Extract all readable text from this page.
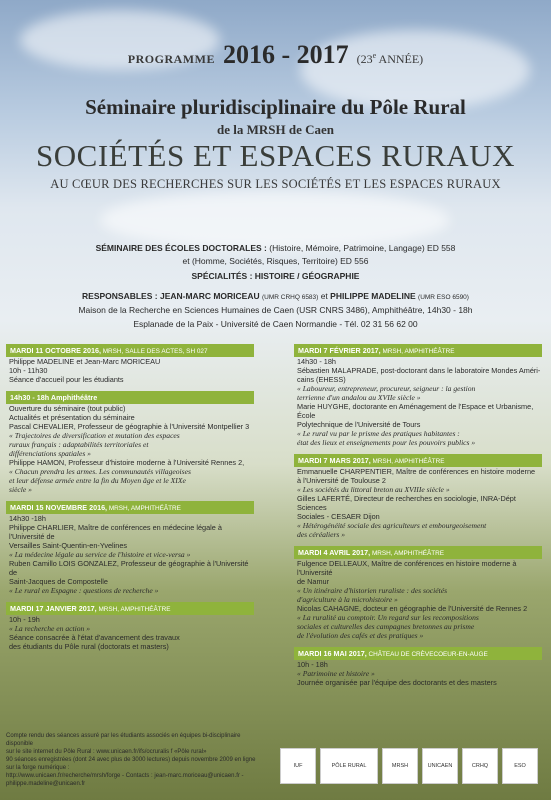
PROGRAMME 2016 - 2017 (23e ANNÉE)
Séminaire pluridisciplinaire du Pôle Rural
de la MRSH de Caen
SOCIÉTÉS ET ESPACES RURAUX
AU CŒUR DES RECHERCHES SUR LES SOCIÉTÉS ET LES ESPACES RURAUX
SÉMINAIRE DES ÉCOLES DOCTORALES : (Histoire, Mémoire, Patrimoine, Langage) ED 558
et (Homme, Sociétés, Risques, Territoire) ED 556
SPÉCIALITÉS : HISTOIRE / GÉOGRAPHIE
RESPONSABLES : JEAN-MARC MORICEAU (UMR CRHQ 6583) et PHILIPPE MADELINE (UMR ESO 6590)
Maison de la Recherche en Sciences Humaines de Caen (USR CNRS 3486), Amphithéâtre, 14h30 - 18h
Esplanade de la Paix - Université de Caen Normandie - Tél. 02 31 56 62 00
MARDI 11 OCTOBRE 2016, MRSH, SALLE DES ACTES, SH 027
Philippe MADELINE et Jean-Marc MORICEAU
10h - 11h30
Séance d'accueil pour les étudiants
14h30 - 18h Amphithéâtre
Ouverture du séminaire (tout public)
Actualités et présentation du séminaire
Pascal CHEVALIER, Professeur de géographie à l'Université Montpellier 3
« Trajectoires de diversification et mutation des espaces
ruraux français : adaptabilités territoriales et
différenciations spatiales »
Philippe HAMON, Professeur d'histoire moderne à l'Université Rennes 2,
« Chacun prendra les armes. Les communautés villageoises
et leur défense armée entre la fin du Moyen âge et le XIXe
siècle »
MARDI 15 NOVEMBRE 2016, MRSH, AMPHITHÉÂTRE
14h30 -18h
Philippe CHARLIER, Maître de conférences en médecine légale à l'Université de
Versailles Saint-Quentin-en-Yvelines
« La médecine légale au service de l'histoire et vice-versa »
Ruben Camillo LOIS GONZALEZ, Professeur de géographie à l'Université de
Saint-Jacques de Compostelle
« Le rural en Espagne : questions de recherche »
MARDI 17 JANVIER 2017, MRSH, AMPHITHÉÂTRE
10h - 19h
« La recherche en action »
Séance consacrée à l'état d'avancement des travaux
des étudiants du Pôle rural (doctorats et masters)
MARDI 7 FÉVRIER 2017, MRSH, AMPHITHÉÂTRE
14h30 - 18h
Sébastien MALAPRADE, post-doctorant dans le laboratoire Mondes Améri-
cains (EHESS)
« Laboureur, entrepreneur, procureur, seigneur : la gestion
terrienne d'un andalou au XVIIe siècle »
Marie HUYGHE, doctorante en Aménagement de l'Espace et Urbanisme, École
Polytechnique de l'Université de Tours
« Le rural vu par le prisme des pratiques habitantes :
état des lieux et enseignements pour les pouvoirs publics »
MARDI 7 MARS 2017, MRSH, AMPHITHÉÂTRE
Emmanuelle CHARPENTIER, Maître de conférences en histoire moderne
à l'Université de Toulouse 2
« Les sociétés du littoral breton au XVIIIe siècle »
Gilles LAFERTÉ, Directeur de recherches en sociologie, INRA-Dépt Sciences
Sociales - CESAER Dijon
« Hétérogénéité sociale des agriculteurs et embourgeoisement
des céréaliers »
MARDI 4 AVRIL 2017, MRSH, AMPHITHÉÂTRE
Fulgence DELLEAUX, Maître de conférences en histoire moderne à l'Université
de Namur
« Un itinéraire d'historien ruraliste : des sociétés
d'agriculture à la microhistoire »
Nicolas CAHAGNE, docteur en géographie de l'Université de Rennes 2
« La ruralité au comptoir. Un regard sur les recompositions
sociales et culturelles des campagnes bretonnes au prisme
de l'évolution des cafés et des pratiques »
MARDI 16 MAI 2017, CHÂTEAU DE CRÈVECOEUR-EN-AUGE
10h - 18h
« Patrimoine et histoire »
Journée organisée par l'équipe des doctorants et des masters
Compte rendu des séances assuré par les étudiants associés en équipes bi-disciplinaire disponible
sur le site internet du Pôle Rural : www.unicaen.fr/ifs/ocruralis f «Pôle rural»
90 séances enregistrées (dont 24 avec plus de 3000 lectures) depuis novembre 2009 en ligne sur la forge numérique :
http://www.unicaen.fr/recherche/mrsh/forge - Contacts : jean-marc.moriceau@unicaen.fr - philippe.madeline@unicaen.fr
IUF	PÔLE RURAL	MRSH	UNICAEN	CRHQ	ESO
